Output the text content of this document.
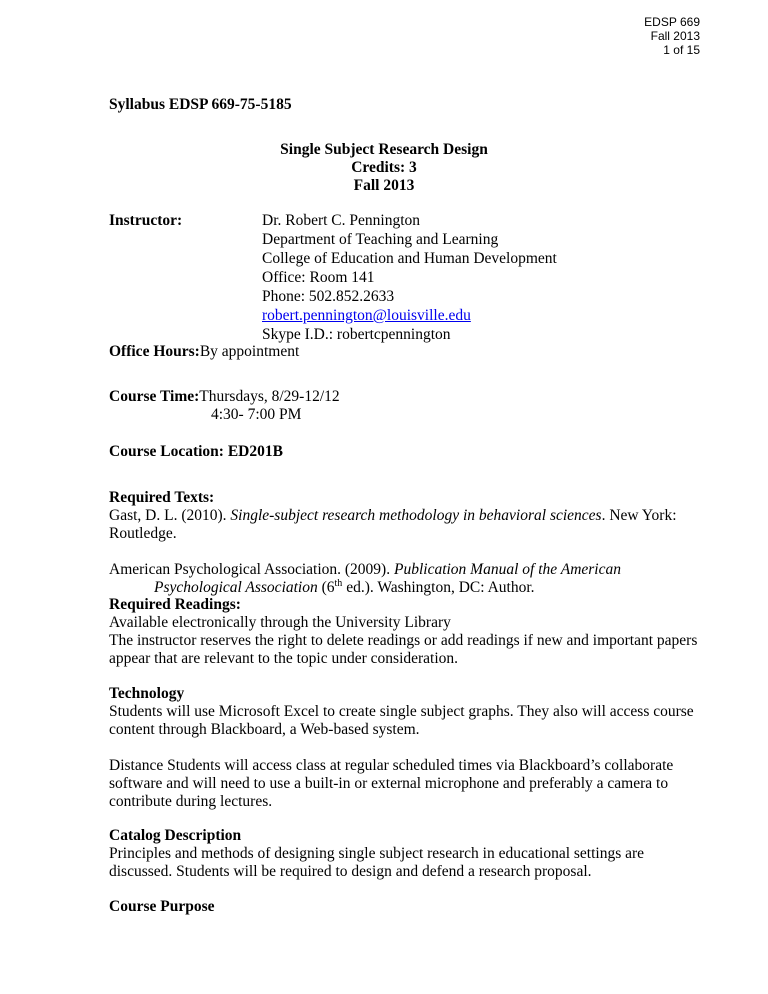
EDSP 669
Fall 2013
1 of 15
Syllabus EDSP 669-75-5185
Single Subject Research Design
Credits: 3
Fall 2013
Instructor:	Dr. Robert C. Pennington
Department of Teaching and Learning
College of Education and Human Development
Office: Room 141
Phone: 502.852.2633
robert.pennington@louisville.edu
Skype I.D.: robertcpennington
Office Hours:By appointment
Course Time:Thursdays, 8/29-12/12
4:30- 7:00 PM
Course Location: ED201B
Required Texts:

Gast, D. L. (2010). Single-subject research methodology in behavioral sciences. New York: Routledge.

American Psychological Association. (2009). Publication Manual of the American Psychological Association (6th ed.). Washington, DC: Author.

Required Readings:

Available electronically through the University Library

The instructor reserves the right to delete readings or add readings if new and important papers appear that are relevant to the topic under consideration.

Technology

Students will use Microsoft Excel to create single subject graphs. They also will access course content through Blackboard, a Web-based system.

Distance Students will access class at regular scheduled times via Blackboard’s collaborate software and will need to use a built-in or external microphone and preferably a camera to contribute during lectures.

Catalog Description

Principles and methods of designing single subject research in educational settings are discussed. Students will be required to design and defend a research proposal.

Course Purpose
